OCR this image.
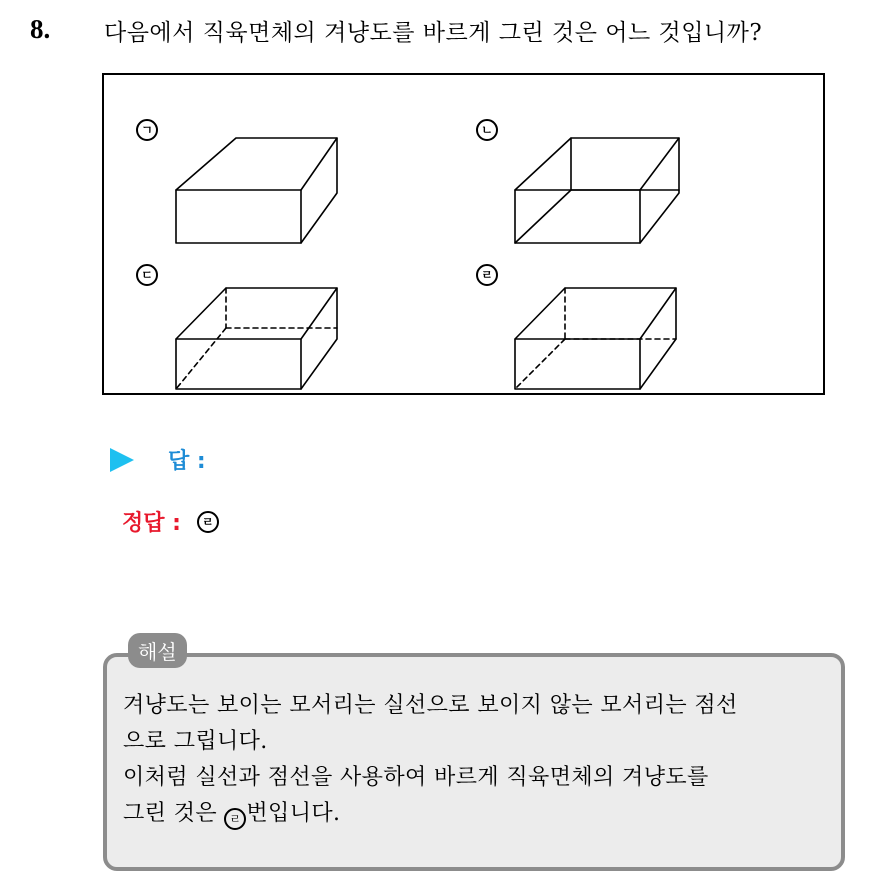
8. 다음에서 직육면체의 겨냥도를 바르게 그린 것은 어느 것입니까?
ㄱ	ㄴ
ㄷ	ㄹ
답 :
정답 :	ㄹ
해설

겨냥도는 보이는 모서리는 실선으로 보이지 않는 모서리는 점선

으로 그립니다.

이처럼 실선과 점선을 사용하여 바르게 직육면체의 겨냥도를

그린 것은 ㄹ 번입니다.
